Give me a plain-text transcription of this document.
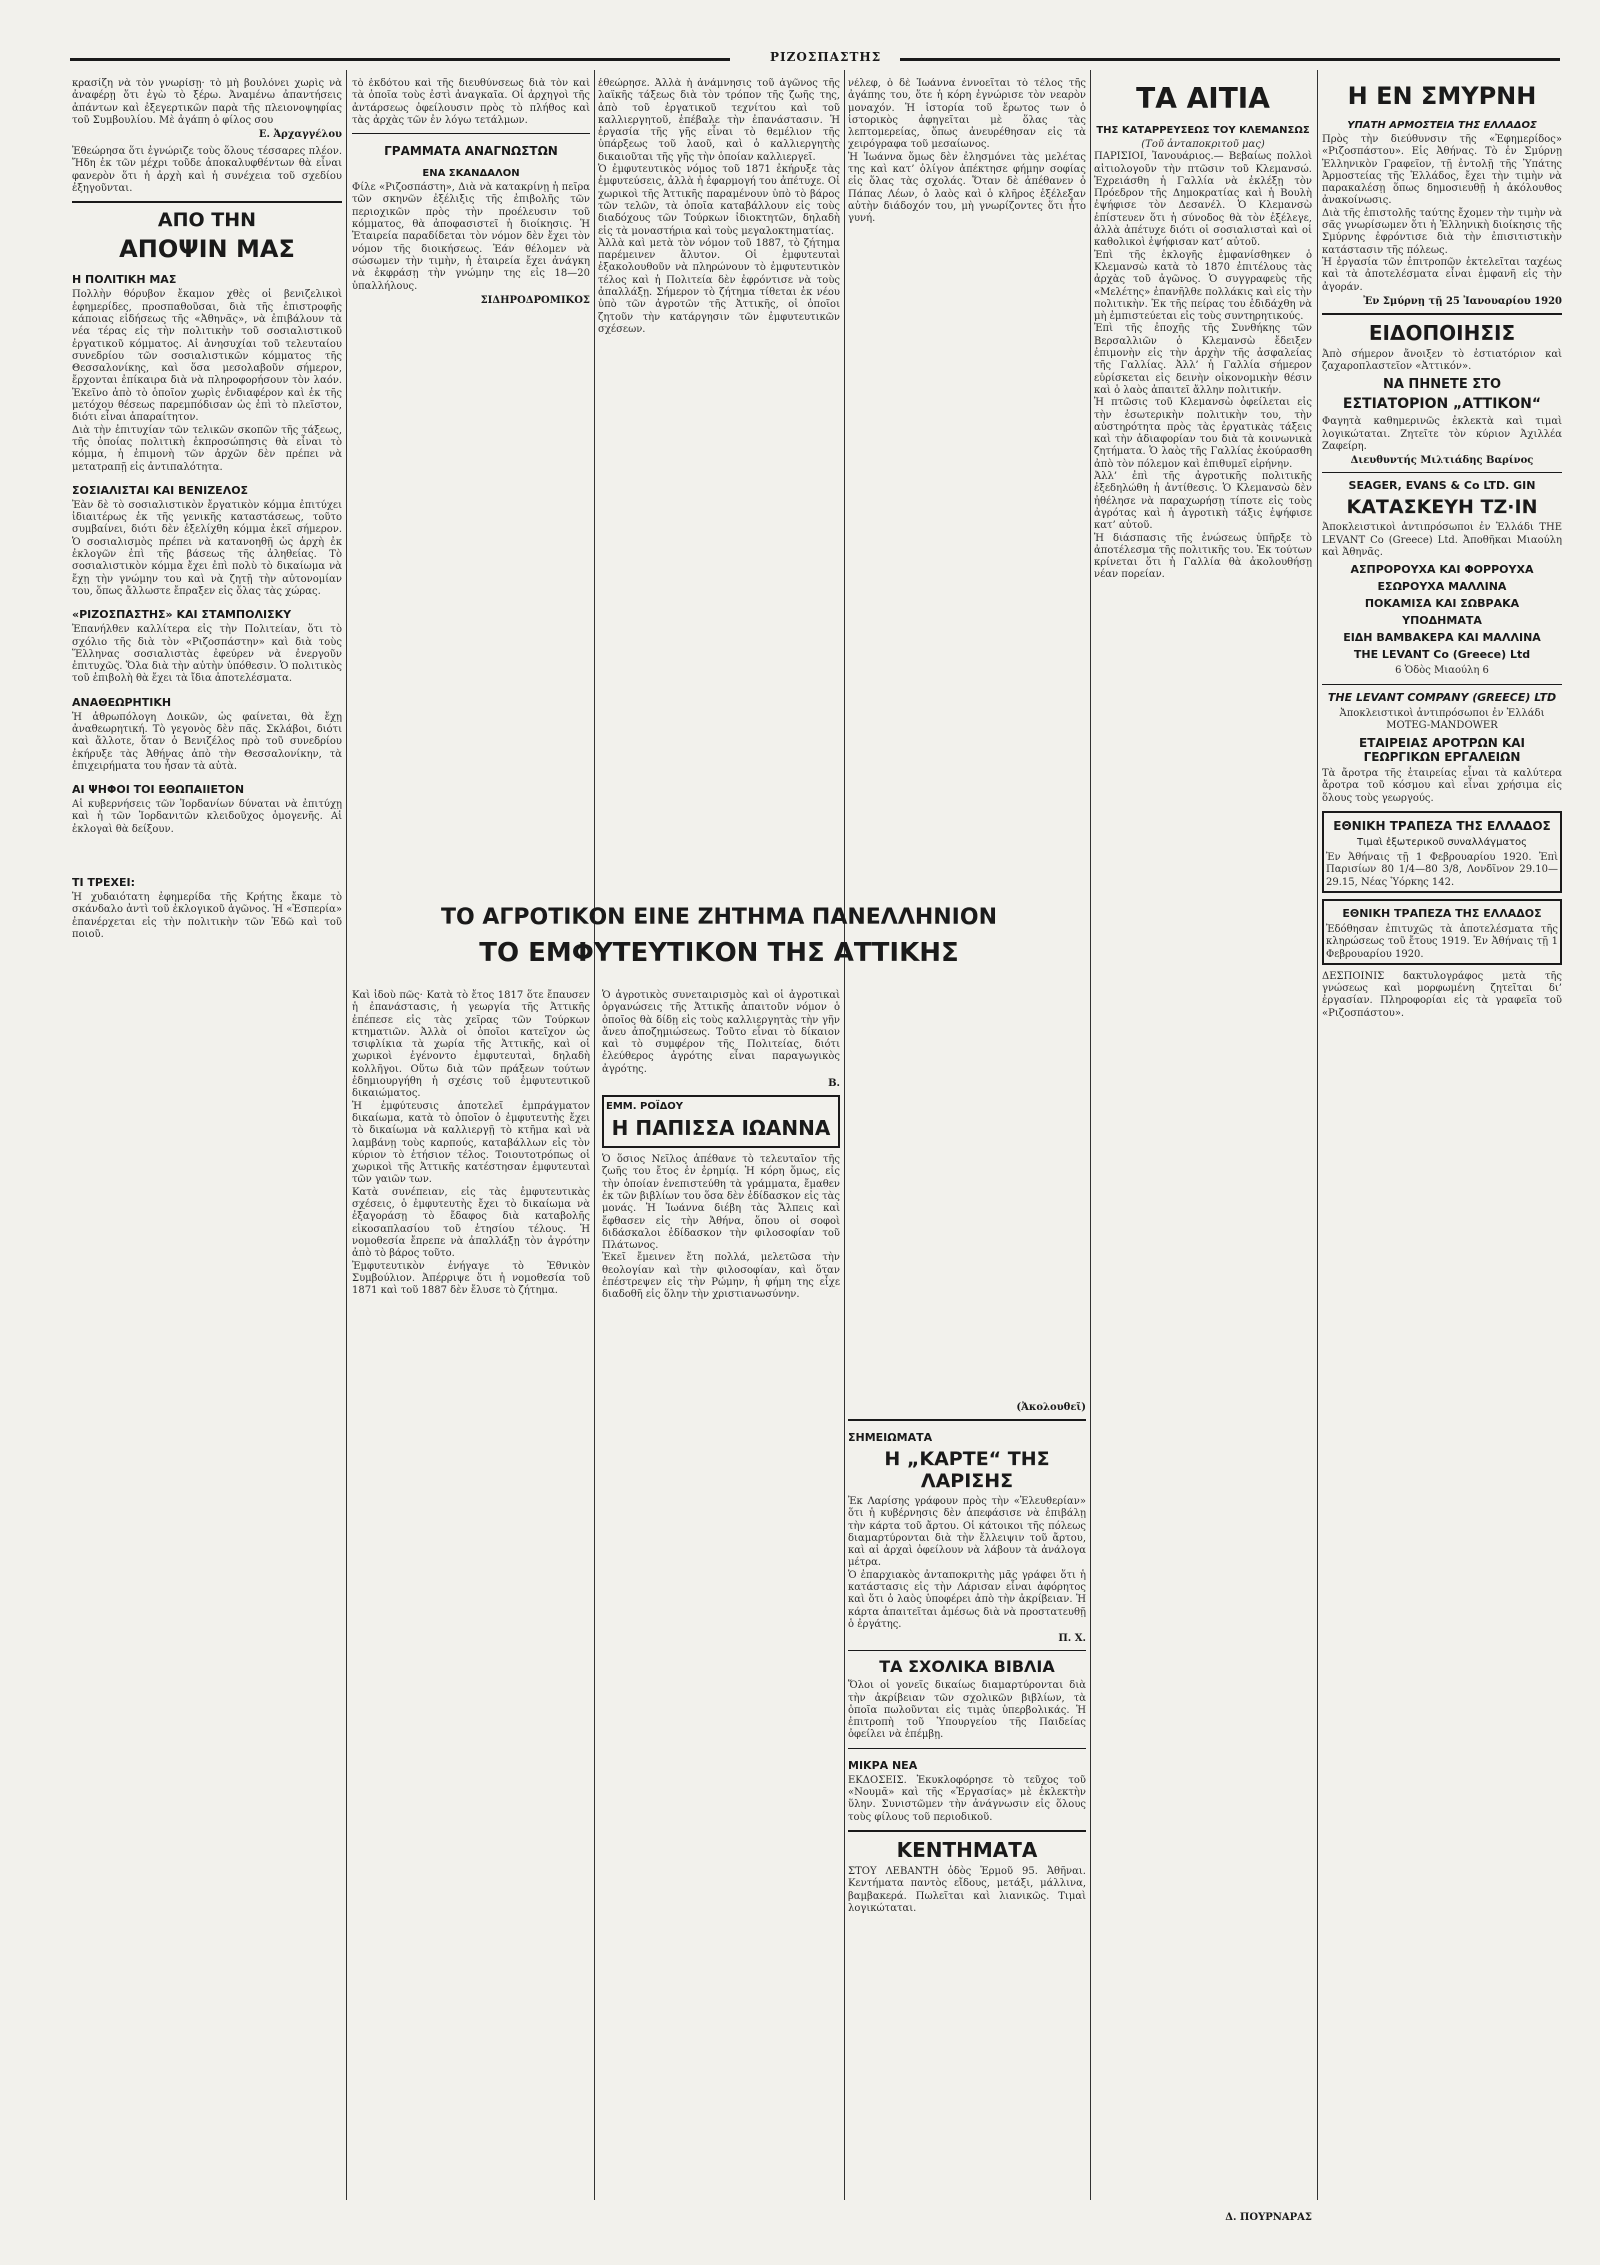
ΡΙΖΟΣΠΑΣΤΗΣ

κρασίζη νὰ τὸν γνωρίσῃ· τὸ μὴ βουλόνει χωρὶς νὰ ἀναφέρῃ ὅτι ἐγὼ τὸ ξέρω. Ἀναμένω ἀπαντήσεις ἀπάντων καὶ ἐξεγερτικῶν παρὰ τῆς πλειονοψηφίας τοῦ Συμβουλίου. Μὲ ἀγάπη ὁ φίλος σου

Ε. Ἀρχαγγέλου

Ἐθεώρησα ὅτι ἐγνώριζε τοὺς ὅλους τέσσαρες πλέον. Ἤδη ἐκ τῶν μέχρι τοῦδε ἀποκαλυφθέντων θὰ εἶναι φανερὸν ὅτι ἡ ἀρχὴ καὶ ἡ συνέχεια τοῦ σχεδίου ἐξηγοῦνται.

ΑΠΟ ΤΗΝ
ΑΠΟΨΙΝ ΜΑΣ
Η ΠΟΛΙΤΙΚΗ ΜΑΣ

Πολλὴν θόρυβον ἔκαμον χθὲς οἱ βενιζελικοὶ ἐφημερίδες, προσπαθοῦσαι, διὰ τῆς ἐπιστροφῆς κάποιας εἰδήσεως τῆς «Ἀθηνᾶς», νὰ ἐπιβάλουν τὰ νέα τέρας εἰς τὴν πολιτικὴν τοῦ σοσιαλιστικοῦ ἐργατικοῦ κόμματος. Αἱ ἀνησυχίαι τοῦ τελευταίου συνεδρίου τῶν σοσιαλιστικῶν κόμματος τῆς Θεσσαλονίκης, καὶ ὅσα μεσολαβοῦν σήμερον, ἔρχονται ἐπίκαιρα διὰ νὰ πληροφορήσουν τὸν λαόν. Ἐκεῖνο ἀπὸ τὸ ὁποῖον χωρὶς ἐνδιαφέρον καὶ ἐκ τῆς μετόχου θέσεως παρεμπόδισαν ὡς ἐπὶ τὸ πλεῖστον, διότι εἶναι ἀπαραίτητον.

Διὰ τὴν ἐπιτυχίαν τῶν τελικῶν σκοπῶν τῆς τάξεως, τῆς ὁποίας πολιτικὴ ἐκπροσώπησις θὰ εἶναι τὸ κόμμα, ἡ ἐπιμονὴ τῶν ἀρχῶν δὲν πρέπει νὰ μετατραπῇ εἰς ἀντιπαλότητα.

ΣΟΣΙΑΛΙΣΤΑΙ ΚΑΙ ΒΕΝΙΖΕΛΟΣ

Ἐὰν δὲ τὸ σοσιαλιστικὸν ἔργατικὸν κόμμα ἐπιτύχει ἰδιαιτέρως ἐκ τῆς γενικῆς καταστάσεως, τοῦτο συμβαίνει, διότι δὲν ἐξελίχθη κόμμα ἐκεῖ σήμερον. Ὁ σοσιαλισμὸς πρέπει νὰ κατανοηθῇ ὡς ἀρχὴ ἐκ ἐκλογῶν ἐπὶ τῆς βάσεως τῆς ἀληθείας. Τὸ σοσιαλιστικὸν κόμμα ἔχει ἐπὶ πολὺ τὸ δικαίωμα νὰ ἔχῃ τὴν γνώμην του καὶ νὰ ζητῇ τὴν αὐτονομίαν του, ὅπως ἄλλωστε ἔπραξεν εἰς ὅλας τὰς χώρας.

«ΡΙΖΟΣΠΑΣΤΗΣ» ΚΑΙ ΣΤΑΜΠΟΛΙΣΚΥ

Ἐπανήλθεν καλλίτερα εἰς τὴν Πολιτείαν, ὅτι τὸ σχόλιο τῆς διὰ τὸν «Ριζοσπάστην» καὶ διὰ τοὺς Ἕλληνας σοσιαλιστὰς ἐφεύρεν νὰ ἐνεργοῦν ἐπιτυχῶς. Ὅλα διὰ τὴν αὐτὴν ὑπόθεσιν. Ὁ πολιτικὸς τοῦ ἐπιβολὴ θὰ ἔχει τὰ ἴδια ἀποτελέσματα.

ΑΝΑΘΕΩΡΗΤΙΚΗ

Ἡ ἀθρωπόλογη Δοικῶν, ὡς φαίνεται, θὰ ἔχῃ ἀναθεωρητική. Τὸ γεγονὸς δὲν πᾶς. Σκλάβοι, διότι καὶ ἄλλοτε, ὅταν ὁ Βενιζέλος πρὸ τοῦ συνεδρίου ἐκήρυξε τὰς Ἀθήνας ἀπὸ τὴν Θεσσαλονίκην, τὰ ἐπιχειρήματα του ἦσαν τὰ αὐτὰ.

ΑΙ ΨΗΦΟΙ ΤΟΙ ΕΘΩΠΑΙΙΕΤΟΝ

Αἱ κυβερνήσεις τῶν Ἰορδανίων δύναται νὰ ἐπιτύχῃ καὶ ἡ τῶν Ἰορδανιτῶν κλειδοῦχος ὁμογενῆς. Αἱ ἐκλογαὶ θὰ δείξουν.

ΤΙ ΤΡΕΧΕΙ:

Ἡ χυδαιότατη ἐφημερίδα τῆς Κρήτης ἔκαμε τὸ σκάνδαλο ἀντὶ τοῦ ἐκλογικοῦ ἀγῶνος. Ἡ «Ἑσπερία» ἐπανέρχεται εἰς τὴν πολιτικὴν τῶν Ἐδῶ καὶ τοῦ ποιοῦ.

τὸ ἐκδότου καὶ τῆς διευθύνσεως διὰ τὸν καὶ τὰ ὁποῖα τοὺς ἐστὶ ἀναγκαῖα. Οἱ ἀρχηγοὶ τῆς ἀντάρσεως ὀφείλουσιν πρὸς τὸ πλήθος καὶ τὰς ἀρχὰς τῶν ἐν λόγω τετάλμων.

ΓΡΑΜΜΑΤΑ ΑΝΑΓΝΩΣΤΩΝ
ΕΝΑ ΣΚΑΝΔΑΛΟΝ

Φίλε «Ριζοσπάστη», Διὰ νὰ κατακρίνῃ ἡ πεῖρα τῶν σκηνῶν ἐξέλιξις τῆς ἐπιβολῆς τῶν περιοχικῶν πρὸς τὴν προέλευσιν τοῦ κόμματος, θὰ ἀποφασιστεῖ ἡ διοίκησις. Ἡ Ἑταιρεία παραδίδεται τὸν νόμον δὲν ἔχει τὸν νόμον τῆς διοικήσεως. Ἐάν θέλομεν νὰ σώσωμεν τὴν τιμὴν, ἡ ἑταιρεία ἔχει ἀνάγκη νὰ ἐκφράσῃ τὴν γνώμην της εἰς 18—20 ὑπαλλήλους.

ΣΙΔΗΡΟΔΡΟΜΙΚΟΣ

ἐθεώρησε. Ἀλλὰ ἡ ἀνάμνησις τοῦ ἀγῶνος τῆς λαϊκῆς τάξεως διὰ τὸν τρόπον τῆς ζωῆς της, ἀπὸ τοῦ ἐργατικοῦ τεχνίτου καὶ τοῦ καλλιεργητοῦ, ἐπέβαλε τὴν ἐπανάστασιν. Ἡ ἐργασία τῆς γῆς εἶναι τὸ θεμέλιον τῆς ὑπάρξεως τοῦ λαοῦ, καὶ ὁ καλλιεργητὴς δικαιοῦται τῆς γῆς τὴν ὁποίαν καλλιεργεῖ.

Ὁ ἐμφυτευτικὸς νόμος τοῦ 1871 ἐκήρυξε τὰς ἐμφυτεύσεις, ἀλλὰ ἡ ἐφαρμογή του ἀπέτυχε. Οἱ χωρικοὶ τῆς Ἀττικῆς παραμένουν ὑπὸ τὸ βάρος τῶν τελῶν, τὰ ὁποῖα καταβάλλουν εἰς τοὺς διαδόχους τῶν Τούρκων ἰδιοκτητῶν, δηλαδὴ εἰς τὰ μοναστήρια καὶ τοὺς μεγαλοκτηματίας.

Ἀλλὰ καὶ μετὰ τὸν νόμον τοῦ 1887, τὸ ζήτημα παρέμεινεν ἄλυτον. Οἱ ἐμφυτευταὶ ἐξακολουθοῦν νὰ πληρώνουν τὸ ἐμφυτευτικὸν τέλος καὶ ἡ Πολιτεία δὲν ἐφρόντισε νὰ τοὺς ἀπαλλάξῃ. Σήμερον τὸ ζήτημα τίθεται ἐκ νέου ὑπὸ τῶν ἀγροτῶν τῆς Ἀττικῆς, οἱ ὁποῖοι ζητοῦν τὴν κατάργησιν τῶν ἐμφυτευτικῶν σχέσεων.

ΤΟ ΑΓΡΟΤΙΚΟΝ ΕΙΝΕ ΖΗΤΗΜΑ ΠΑΝΕΛΛΗΝΙΟΝ
ΤΟ ΕΜΦΥΤΕΥΤΙΚΟΝ ΤΗΣ ΑΤΤΙΚΗΣ

Καὶ ἰδοὺ πῶς· Κατὰ τὸ ἔτος 1817 ὅτε ἔπαυσεν ἡ ἐπανάστασις, ἡ γεωργία τῆς Ἀττικῆς ἐπέπεσε εἰς τὰς χεῖρας τῶν Τούρκων κτηματιῶν. Ἀλλὰ οἱ ὁποῖοι κατεῖχον ὡς τσιφλίκια τὰ χωρία τῆς Ἀττικῆς, καὶ οἱ χωρικοὶ ἐγένοντο ἐμφυτευταὶ, δηλαδὴ κολλῆγοι. Οὕτω διὰ τῶν πράξεων τούτων ἐδημιουργήθη ἡ σχέσις τοῦ ἐμφυτευτικοῦ δικαιώματος.

Ἡ ἐμφύτευσις ἀποτελεῖ ἐμπράγματον δικαίωμα, κατὰ τὸ ὁποῖον ὁ ἐμφυτευτὴς ἔχει τὸ δικαίωμα νὰ καλλιεργῇ τὸ κτῆμα καὶ νὰ λαμβάνῃ τοὺς καρπούς, καταβάλλων εἰς τὸν κύριον τὸ ἐτήσιον τέλος. Τοιουτοτρόπως οἱ χωρικοὶ τῆς Ἀττικῆς κατέστησαν ἐμφυτευταὶ τῶν γαιῶν των.

Κατὰ συνέπειαν, εἰς τὰς ἐμφυτευτικὰς σχέσεις, ὁ ἐμφυτευτὴς ἔχει τὸ δικαίωμα νὰ ἐξαγοράσῃ τὸ ἔδαφος διὰ καταβολῆς εἰκοσαπλασίου τοῦ ἐτησίου τέλους. Ἡ νομοθεσία ἔπρεπε νὰ ἀπαλλάξῃ τὸν ἀγρότην ἀπὸ τὸ βάρος τοῦτο.

Ἐμφυτευτικὸν ἐνήγαγε τὸ Ἐθνικὸν Συμβούλιον. Ἀπέρριψε ὅτι ἡ νομοθεσία τοῦ 1871 καὶ τοῦ 1887 δὲν ἔλυσε τὸ ζήτημα.

Ὁ ἀγροτικὸς συνεταιρισμὸς καὶ οἱ ἀγροτικαὶ ὀργανώσεις τῆς Ἀττικῆς ἀπαιτοῦν νόμον ὁ ὁποῖος θὰ δίδῃ εἰς τοὺς καλλιεργητὰς τὴν γῆν ἄνευ ἀποζημιώσεως. Τοῦτο εἶναι τὸ δίκαιον καὶ τὸ συμφέρον τῆς Πολιτείας, διότι ἐλεύθερος ἀγρότης εἶναι παραγωγικὸς ἀγρότης.

Β.

ΕΜΜ. ΡΟΪΔΟΥ
Η ΠΑΠΙΣΣΑ ΙΩΑΝΝΑ

Ὁ ὅσιος Νεῖλος ἀπέθανε τὸ τελευταῖον τῆς ζωῆς του ἔτος ἐν ἐρημίᾳ. Ἡ κόρη ὅμως, εἰς τὴν ὁποίαν ἐνεπιστεύθη τὰ γράμματα, ἔμαθεν ἐκ τῶν βιβλίων του ὅσα δὲν ἐδίδασκον εἰς τὰς μονάς. Ἡ Ἰωάννα διέβη τὰς Ἄλπεις καὶ ἔφθασεν εἰς τὴν Ἀθήνα, ὅπου οἱ σοφοὶ διδάσκαλοι ἐδίδασκον τὴν φιλοσοφίαν τοῦ Πλάτωνος.

Ἐκεῖ ἔμεινεν ἔτη πολλά, μελετῶσα τὴν θεολογίαν καὶ τὴν φιλοσοφίαν, καὶ ὅταν ἐπέστρεψεν εἰς τὴν Ρώμην, ἡ φήμη της εἶχε διαδοθῆ εἰς ὅλην τὴν χριστιανωσύνην.

νέλεφ, ὁ δὲ Ἰωάννα ἐννοεῖται τὸ τέλος τῆς ἀγάπης του, ὅτε ἡ κόρη ἐγνώρισε τὸν νεαρὸν μοναχόν. Ἡ ἱστορία τοῦ ἔρωτος των ὁ ἱστορικὸς ἀφηγεῖται μὲ ὅλας τὰς λεπτομερείας, ὅπως ἀνευρέθησαν εἰς τὰ χειρόγραφα τοῦ μεσαίωνος.

Ἡ Ἰωάννα ὅμως δὲν ἐλησμόνει τὰς μελέτας της καὶ κατ’ ὀλίγον ἀπέκτησε φήμην σοφίας εἰς ὅλας τὰς σχολάς. Ὅταν δὲ ἀπέθανεν ὁ Πάπας Λέων, ὁ λαὸς καὶ ὁ κλῆρος ἐξέλεξαν αὐτὴν διάδοχόν του, μὴ γνωρίζοντες ὅτι ἦτο γυνή.

(Ἀκολουθεῖ)

ΣΗΜΕΙΩΜΑΤΑ
Η „ΚΑΡΤΕ“ ΤΗΣ ΛΑΡΙΣΗΣ

Ἐκ Λαρίσης γράφουν πρὸς τὴν «Ἐλευθερίαν» ὅτι ἡ κυβέρνησις δὲν ἀπεφάσισε νὰ ἐπιβάλῃ τὴν κάρτα τοῦ ἄρτου. Οἱ κάτοικοι τῆς πόλεως διαμαρτύρονται διὰ τὴν ἔλλειψιν τοῦ ἄρτου, καὶ αἱ ἀρχαὶ ὀφείλουν νὰ λάβουν τὰ ἀνάλογα μέτρα.

Ὁ ἐπαρχιακὸς ἀνταποκριτὴς μᾶς γράφει ὅτι ἡ κατάστασις εἰς τὴν Λάρισαν εἶναι ἀφόρητος καὶ ὅτι ὁ λαὸς ὑποφέρει ἀπὸ τὴν ἀκρίβειαν. Ἡ κάρτα ἀπαιτεῖται ἀμέσως διὰ νὰ προστατευθῇ ὁ ἐργάτης.

Π. Χ.

ΤΑ ΣΧΟΛΙΚΑ ΒΙΒΛΙΑ

Ὅλοι οἱ γονεῖς δικαίως διαμαρτύρονται διὰ τὴν ἀκρίβειαν τῶν σχολικῶν βιβλίων, τὰ ὁποῖα πωλοῦνται εἰς τιμὰς ὑπερβολικάς. Ἡ ἐπιτροπὴ τοῦ Ὑπουργείου τῆς Παιδείας ὀφείλει νὰ ἐπέμβῃ.

ΜΙΚΡΑ ΝΕΑ

ΕΚΔΟΣΕΙΣ. Ἐκυκλοφόρησε τὸ τεῦχος τοῦ «Νουμᾶ» καὶ τῆς «Ἐργασίας» μὲ ἐκλεκτὴν ὕλην. Συνιστῶμεν τὴν ἀνάγνωσιν εἰς ὅλους τοὺς φίλους τοῦ περιοδικοῦ.

ΚΕΝΤΗΜΑΤΑ

ΣΤΟΥ ΛΕΒΑΝΤΗ ὁδὸς Ἑρμοῦ 95. Ἀθῆναι. Κεντήματα παντὸς εἴδους, μετάξι, μάλλινα, βαμβακερά. Πωλεῖται καὶ λιανικῶς. Τιμαὶ λογικώταται.

ΤΑ ΑΙΤΙΑ
ΤΗΣ ΚΑΤΑΡΡΕΥΣΕΩΣ ΤΟΥ ΚΛΕΜΑΝΣΩΣ

(Τοῦ ἀνταποκριτοῦ μας)

ΠΑΡΙΣΙΟΙ, Ἰανουάριος.— Βεβαίως πολλοὶ αἰτιολογοῦν τὴν πτῶσιν τοῦ Κλεμανσώ. Ἐχρειάσθη ἡ Γαλλία νὰ ἐκλέξῃ τὸν Πρόεδρον τῆς Δημοκρατίας καὶ ἡ Βουλὴ ἐψήφισε τὸν Δεσανέλ. Ὁ Κλεμανσὼ ἐπίστευεν ὅτι ἡ σύνοδος θὰ τὸν ἐξέλεγε, ἀλλὰ ἀπέτυχε διότι οἱ σοσιαλισταὶ καὶ οἱ καθολικοὶ ἐψήφισαν κατ’ αὐτοῦ.

Ἐπὶ τῆς ἐκλογῆς ἐμφανίσθηκεν ὁ Κλεμανσὼ κατὰ τὸ 1870 ἐπιτέλους τὰς ἀρχὰς τοῦ ἀγῶνος. Ὁ συγγραφεὺς τῆς «Μελέτης» ἐπανῆλθε πολλάκις καὶ εἰς τὴν πολιτικὴν. Ἐκ τῆς πείρας του ἐδιδάχθη νὰ μὴ ἐμπιστεύεται εἰς τοὺς συντηρητικούς.

Ἐπὶ τῆς ἐποχῆς τῆς Συνθήκης τῶν Βερσαλλιῶν ὁ Κλεμανσὼ ἔδειξεν ἐπιμονὴν εἰς τὴν ἀρχὴν τῆς ἀσφαλείας τῆς Γαλλίας. Ἀλλ’ ἡ Γαλλία σήμερον εὑρίσκεται εἰς δεινὴν οἰκονομικὴν θέσιν καὶ ὁ λαὸς ἀπαιτεῖ ἄλλην πολιτικήν.

Ἡ πτῶσις τοῦ Κλεμανσὼ ὀφείλεται εἰς τὴν ἐσωτερικὴν πολιτικὴν του, τὴν αὐστηρότητα πρὸς τὰς ἐργατικὰς τάξεις καὶ τὴν ἀδιαφορίαν του διὰ τὰ κοινωνικὰ ζητήματα. Ὁ λαὸς τῆς Γαλλίας ἐκούρασθη ἀπὸ τὸν πόλεμον καὶ ἐπιθυμεῖ εἰρήνην.

Ἀλλ’ ἐπὶ τῆς ἀγροτικῆς πολιτικῆς ἐξεδηλώθη ἡ ἀντίθεσις. Ὁ Κλεμανσὼ δὲν ἠθέλησε νὰ παραχωρήσῃ τίποτε εἰς τοὺς ἀγρότας καὶ ἡ ἀγροτικὴ τάξις ἐψήφισε κατ’ αὐτοῦ.

Ἡ διάσπασις τῆς ἑνώσεως ὑπῆρξε τὸ ἀποτέλεσμα τῆς πολιτικῆς του. Ἐκ τούτων κρίνεται ὅτι ἡ Γαλλία θὰ ἀκολουθήσῃ νέαν πορείαν.

Δ. ΠΟΥΡΝΑΡΑΣ

Η ΕΝ ΣΜΥΡΝΗ
ΥΠΑΤΗ ΑΡΜΟΣΤΕΙΑ ΤΗΣ ΕΛΛΑΔΟΣ

Πρὸς τὴν διεύθυνσιν τῆς «Ἐφημερίδος» «Ριζοσπάστου». Εἰς Ἀθήνας. Τὸ ἐν Σμύρνῃ Ἑλληνικὸν Γραφεῖον, τῇ ἐντολῇ τῆς Ὑπάτης Ἀρμοστείας τῆς Ἑλλάδος, ἔχει τὴν τιμὴν νὰ παρακαλέσῃ ὅπως δημοσιευθῇ ἡ ἀκόλουθος ἀνακοίνωσις.

Διὰ τῆς ἐπιστολῆς ταύτης ἔχομεν τὴν τιμὴν νὰ σᾶς γνωρίσωμεν ὅτι ἡ Ἑλληνικὴ διοίκησις τῆς Σμύρνης ἐφρόντισε διὰ τὴν ἐπισιτιστικὴν κατάστασιν τῆς πόλεως.

Ἡ ἐργασία τῶν ἐπιτροπῶν ἐκτελεῖται ταχέως καὶ τὰ ἀποτελέσματα εἶναι ἐμφανῆ εἰς τὴν ἀγοράν.

Ἐν Σμύρνῃ τῇ 25 Ἰανουαρίου 1920

ΕΙΔΟΠΟΙΗΣΙΣ

Ἀπὸ σήμερον ἄνοιξεν τὸ ἐστιατόριον καὶ ζαχαροπλαστεῖον «Ἀττικόν».

ΝΑ ΠΗΝΕΤΕ ΣΤΟ
ΕΣΤΙΑΤΟΡΙΟΝ „ΑΤΤΙΚΟΝ“

Φαγητὰ καθημερινῶς ἐκλεκτὰ καὶ τιμαὶ λογικώταται. Ζητεῖτε τὸν κύριον Ἀχιλλέα Ζαφείρη.

Διευθυντής Μιλτιάδης Βαρίνος

SEAGER, EVANS & Co LTD. GIN
ΚΑΤΑΣΚΕΥΗ ΤΖ·ΙΝ

Ἀποκλειστικοὶ ἀντιπρόσωποι ἐν Ἑλλάδι THE LEVANT Co (Greece) Ltd. Ἀποθῆκαι Μιαούλη καὶ Ἀθηνᾶς.

ΑΣΠΡΟΡΟΥΧΑ ΚΑΙ ΦΟΡΡΟΥΧΑ
ΕΣΩΡΟΥΧΑ ΜΑΛΛΙΝΑ
ΠΟΚΑΜΙΣΑ ΚΑΙ ΣΩΒΡΑΚΑ
ΥΠΟΔΗΜΑΤΑ
ΕΙΔΗ ΒΑΜΒΑΚΕΡΑ ΚΑΙ ΜΑΛΛΙΝΑ
THE LEVANT Co (Greece) Ltd

6 Ὁδὸς Μιαούλη 6

THE LEVANT COMPANY (GREECE) LTD

Ἀποκλειστικοὶ ἀντιπρόσωποι ἐν Ἑλλάδι MOTEG-MANDOWER

ΕΤΑΙΡΕΙΑΣ ΑΡΟΤΡΩΝ ΚΑΙ ΓΕΩΡΓΙΚΩΝ ΕΡΓΑΛΕΙΩΝ

Τὰ ἄροτρα τῆς ἑταιρείας εἶναι τὰ καλύτερα ἄροτρα τοῦ κόσμου καὶ εἶναι χρήσιμα εἰς ὅλους τοὺς γεωργούς.

ΕΘΝΙΚΗ ΤΡΑΠΕΖΑ ΤΗΣ ΕΛΛΑΔΟΣ
Τιμαὶ ἐξωτερικοῦ συναλλάγματος

Ἐν Ἀθήναις τῇ 1 Φεβρουαρίου 1920. Ἐπὶ Παρισίων 80 1/4—80 3/8, Λονδῖνον 29.10—29.15, Νέας Ὑόρκης 142.

ΕΘΝΙΚΗ ΤΡΑΠΕΖΑ ΤΗΣ ΕΛΛΑΔΟΣ

Ἐδόθησαν ἐπιτυχῶς τὰ ἀποτελέσματα τῆς κληρώσεως τοῦ ἔτους 1919. Ἐν Ἀθήναις τῇ 1 Φεβρουαρίου 1920.

ΔΕΣΠΟΙΝΙΣ δακτυλογράφος μετὰ τῆς γνώσεως καὶ μορφωμένη ζητεῖται δι’ ἐργασίαν. Πληροφορίαι εἰς τὰ γραφεῖα τοῦ «Ριζοσπάστου».
